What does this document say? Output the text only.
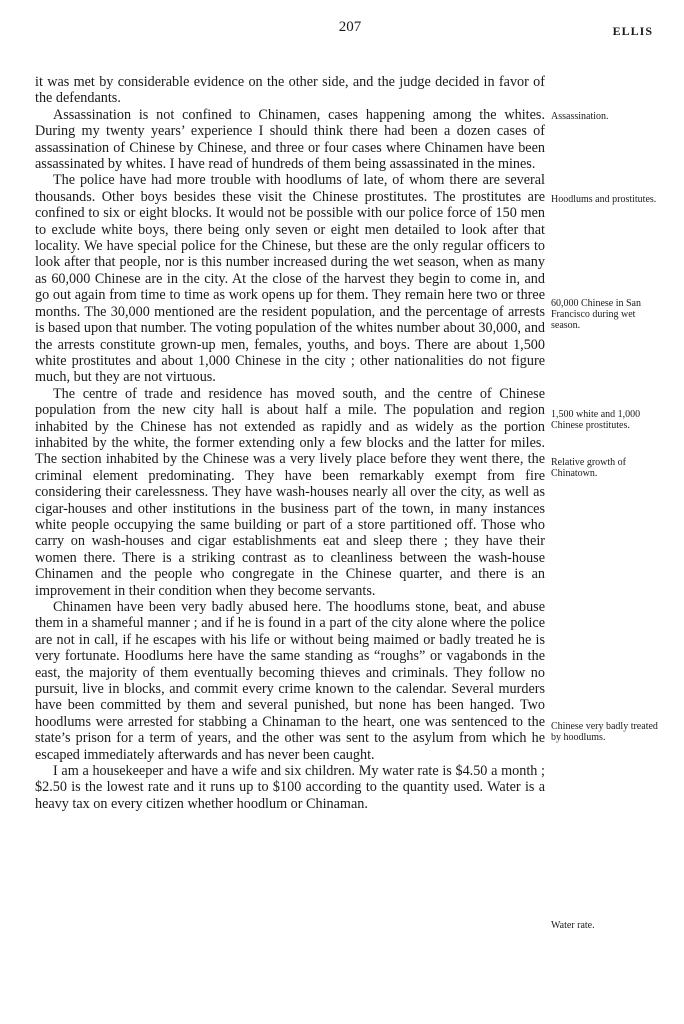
207	ELLIS

it was met by considerable evidence on the other side, and the judge decided in favor of the defendants.

Assassination is not confined to Chinamen, cases happening among the whites. During my twenty years’ experience I should think there had been a dozen cases of assassination of Chinese by Chinese, and three or four cases where Chinamen have been assassinated by whites. I have read of hundreds of them being assassinated in the mines.

The police have had more trouble with hoodlums of late, of whom there are several thousands. Other boys besides these visit the Chinese prostitutes. The prostitutes are confined to six or eight blocks. It would not be possible with our police force of 150 men to exclude white boys, there being only seven or eight men detailed to look after that locality. We have special police for the Chinese, but these are the only regular officers to look after that people, nor is this number increased during the wet season, when as many as 60,000 Chinese are in the city. At the close of the harvest they begin to come in, and go out again from time to time as work opens up for them. They remain here two or three months. The 30,000 mentioned are the resident population, and the percentage of arrests is based upon that number. The voting population of the whites number about 30,000, and the arrests constitute grown-up men, females, youths, and boys. There are about 1,500 white prostitutes and about 1,000 Chinese in the city ; other nationalities do not figure much, but they are not virtuous.

The centre of trade and residence has moved south, and the centre of Chinese population from the new city hall is about half a mile. The population and region inhabited by the Chinese has not extended as rapidly and as widely as the portion inhabited by the white, the former extending only a few blocks and the latter for miles. The section inhabited by the Chinese was a very lively place before they went there, the criminal element predominating. They have been remarkably exempt from fire considering their carelessness. They have wash-houses nearly all over the city, as well as cigar-houses and other institutions in the business part of the town, in many instances white people occupying the same building or part of a store partitioned off. Those who carry on wash-houses and cigar establishments eat and sleep there ; they have their women there. There is a striking contrast as to cleanliness between the wash-house Chinamen and the people who congregate in the Chinese quarter, and there is an improvement in their condition when they become servants.

Chinamen have been very badly abused here. The hoodlums stone, beat, and abuse them in a shameful manner ; and if he is found in a part of the city alone where the police are not in call, if he escapes with his life or without being maimed or badly treated he is very fortunate. Hoodlums here have the same standing as “roughs” or vagabonds in the east, the majority of them eventually becoming thieves and criminals. They follow no pursuit, live in blocks, and commit every crime known to the calendar. Several murders have been committed by them and several punished, but none has been hanged. Two hoodlums were arrested for stabbing a Chinaman to the heart, one was sentenced to the state’s prison for a term of years, and the other was sent to the asylum from which he escaped immediately afterwards and has never been caught.

I am a housekeeper and have a wife and six children. My water rate is $4.50 a month ; $2.50 is the lowest rate and it runs up to $100 according to the quantity used. Water is a heavy tax on every citizen whether hoodlum or Chinaman.

Assassination.
Hoodlums and prostitutes.
60,000 Chinese in San Francisco during wet season.
1,500 white and 1,000 Chinese prostitutes.
Relative growth of Chinatown.
Chinese very badly treated by hoodlums.
Water rate.
